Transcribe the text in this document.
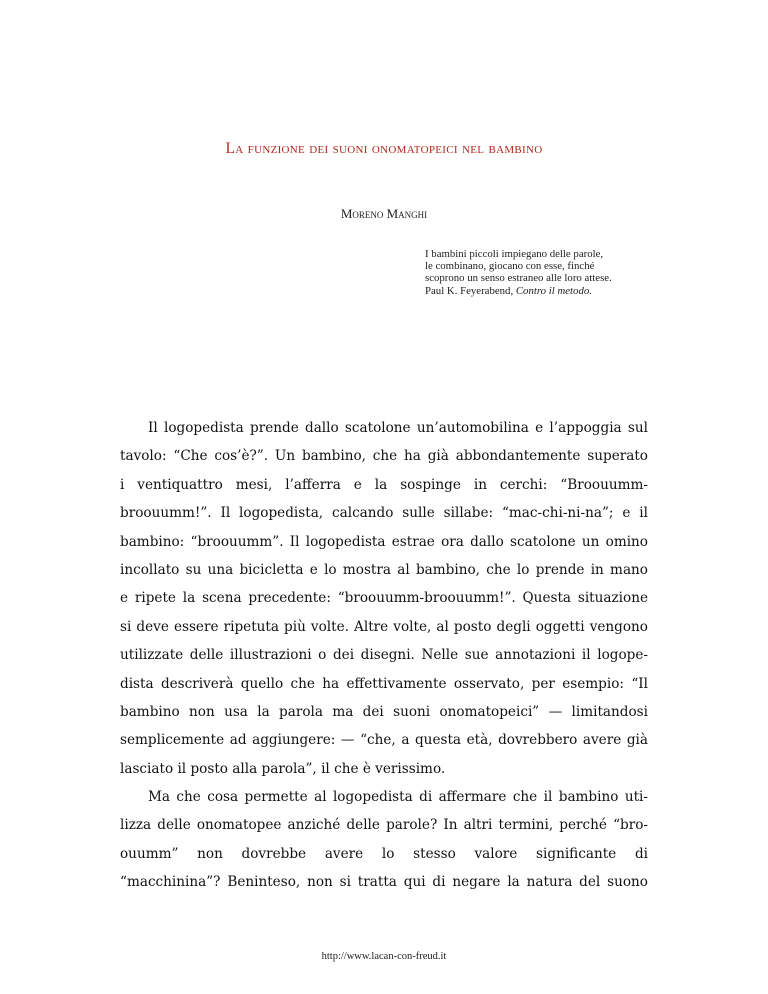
La funzione dei suoni onomatopeici nel bambino

Moreno Manghi

I bambini piccoli impiegano delle parole,
le combinano, giocano con esse, finché
scoprono un senso estraneo alle loro attese.
Paul K. Feyerabend, Contro il metodo.
Il logopedista prende dallo scatolone un’automobilina e l’appoggia sul
tavolo: “Che cos’è?”. Un bambino, che ha già abbondantemente superato
i ventiquattro mesi, l’afferra e la sospinge in cerchi: “Broouumm-
broouumm!”. Il logopedista, calcando sulle sillabe: “mac-chi-ni-na”; e il
bambino: “broouumm”. Il logopedista estrae ora dallo scatolone un omino
incollato su una bicicletta e lo mostra al bambino, che lo prende in mano
e ripete la scena precedente: “broouumm-broouumm!”. Questa situazione
si deve essere ripetuta più volte. Altre volte, al posto degli oggetti vengono
utilizzate delle illustrazioni o dei disegni. Nelle sue annotazioni il logope-
dista descriverà quello che ha effettivamente osservato, per esempio: “Il
bambino non usa la parola ma dei suoni onomatopeici” — limitandosi
semplicemente ad aggiungere: — “che, a questa età, dovrebbero avere già
lasciato il posto alla parola”, il che è verissimo.
Ma che cosa permette al logopedista di affermare che il bambino uti-
lizza delle onomatopee anziché delle parole? In altri termini, perché “bro-
ouumm” non dovrebbe avere lo stesso valore significante di
“macchinina”? Beninteso, non si tratta qui di negare la natura del suono
http://www.lacan-con-freud.it
